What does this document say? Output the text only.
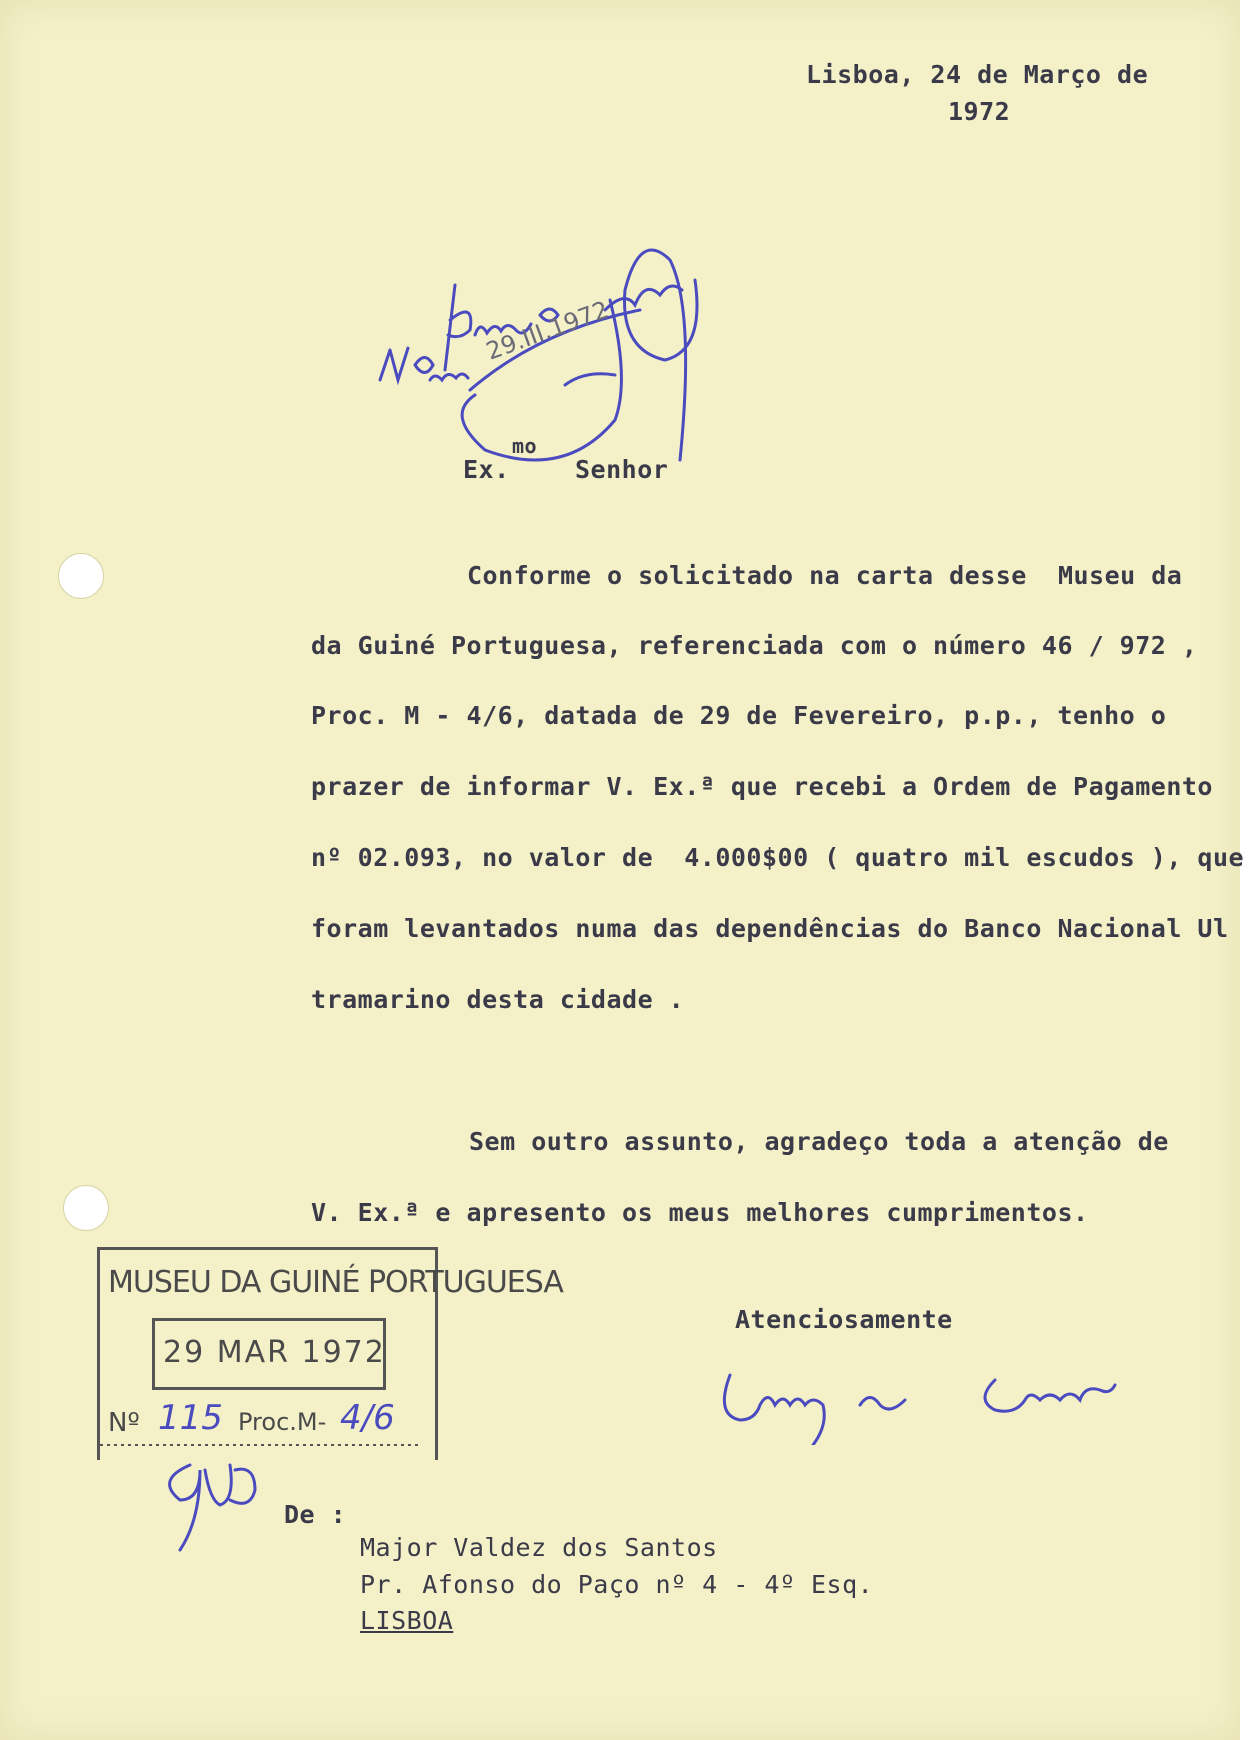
Lisboa, 24 de Março de
1972
29.III.1972
Ex.
mo
Senhor
Conforme o solicitado na carta desse  Museu da
da Guiné Portuguesa, referenciada com o número 46 / 972 ,
Proc. M - 4/6, datada de 29 de Fevereiro, p.p., tenho o
prazer de informar V. Ex.ª que recebi a Ordem de Pagamento
nº 02.093, no valor de  4.000$00 ( quatro mil escudos ), que
foram levantados numa das dependências do Banco Nacional Ul
tramarino desta cidade .
Sem outro assunto, agradeço toda a atenção de
V. Ex.ª e apresento os meus melhores cumprimentos.
Atenciosamente
MUSEU DA GUINÉ PORTUGUESA
29 MAR 1972
Nº 115 Proc.M- 4/6
De :
Major Valdez dos Santos
Pr. Afonso do Paço nº 4 - 4º Esq.
LISBOA
